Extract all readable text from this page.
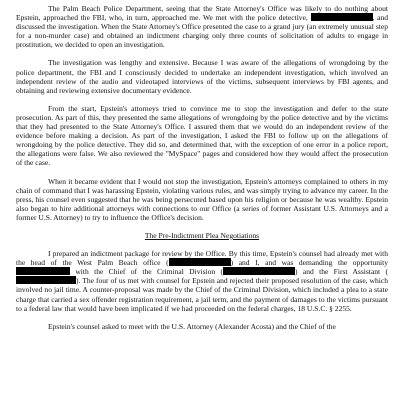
The Palm Beach Police Department, seeing that the State Attorney's Office was likely to do nothing about Epstein, approached the FBI, who, in turn, approached me. We met with the police detective,	, and discussed the investigation. When the State Attorney's Office presented the case to a grand jury (an extremely unusual step for a non-murder case) and obtained an indictment charging only three counts of solicitation of adults to engage in prostitution, we decided to open an investigation.

The investigation was lengthy and extensive. Because I was aware of the allegations of wrongdoing by the police department, the FBI and I consciously decided to undertake an independent investigation, which involved an independent review of the audio and videotaped interviews of the victims, subsequent interviews by FBI agents, and obtaining and reviewing extensive documentary evidence.

From the start, Epstein's attorneys tried to convince me to stop the investigation and defer to the state prosecution. As part of this, they presented the same allegations of wrongdoing by the police detective and by the victims that they had presented to the State Attorney's Office. I assured them that we would do an independent review of the evidence before making a decision. As part of the investigation, I asked the FBI to follow up on the allegations of wrongdoing by the police detective. They did so, and determined that, with the exception of one error in a police report, the allegations were false. We also reviewed the "MySpace" pages and considered how they would affect the prosecution of the case.

When it became evident that I would not stop the investigation, Epstein's attorneys complained to others in my chain of command that I was harassing Epstein, violating various rules, and was simply trying to advance my career. In the press, his counsel even suggested that he was being persecuted based upon his religion or because he was wealthy. Epstein also began to hire additional attorneys with connections to our Office (a series of former Assistant U.S. Attorneys and a former U.S. Attorney) to try to influence the Office's decision.

The Pre-Indictment Plea Negotiations

I prepared an indictment package for review by the Office. By this time, Epstein's counsel had already met with the head of the West Palm Beach office (	) and I, and was demanding the opportunity  with the Chief of the Criminal Division (	) and the First Assistant (). The four of us met with counsel for Epstein and rejected their proposed resolution of the case, which involved no jail time. A counter-proposal was made by the Chief of the Criminal Division, which included a plea to a state charge that carried a sex offender registration requirement, a jail term, and the payment of damages to the victims pursuant to a federal law that would have been implicated if we had proceeded on the federal charges, 18 U.S.C. § 2255.

Epstein's counsel asked to meet with the U.S. Attorney (Alexander Acosta) and the Chief of the
